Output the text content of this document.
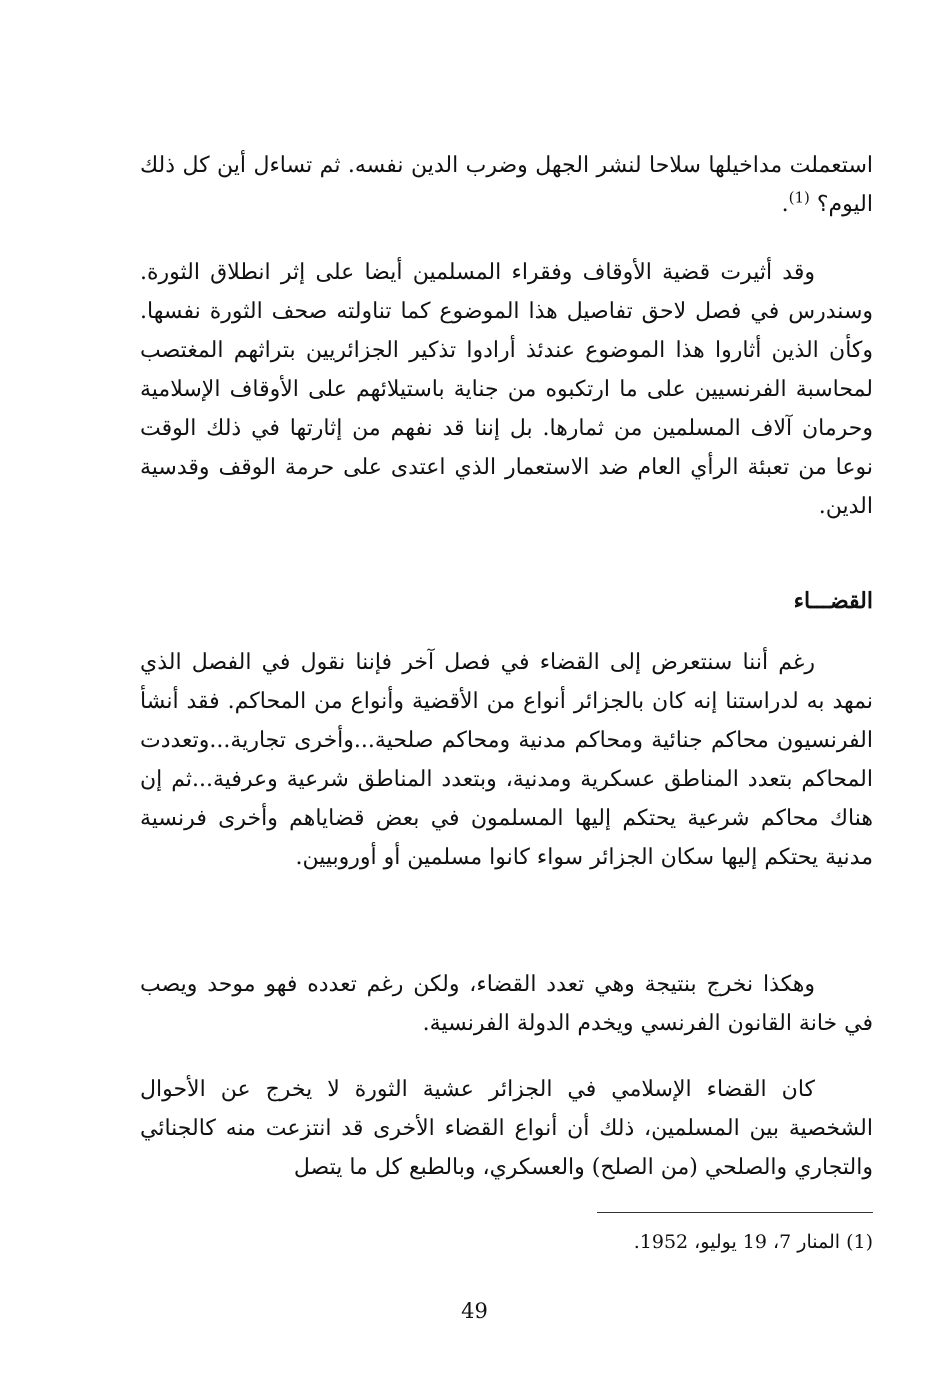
استعملت مداخيلها سلاحا لنشر الجهل وضرب الدين نفسه. ثم تساءل أين كل ذلك اليوم؟ $^{(1)}$.
وقد أثيرت قضية الأوقاف وفقراء المسلمين أيضا على إثر انطلاق الثورة. وسندرس في فصل لاحق تفاصيل هذا الموضوع كما تناولته صحف الثورة نفسها. وكأن الذين أثاروا هذا الموضوع عندئذ أرادوا تذكير الجزائريين بتراثهم المغتصب لمحاسبة الفرنسيين على ما ارتكبوه من جناية باستيلائهم على الأوقاف الإسلامية وحرمان آلاف المسلمين من ثمارها. بل إننا قد نفهم من إثارتها في ذلك الوقت نوعا من تعبئة الرأي العام ضد الاستعمار الذي اعتدى على حرمة الوقف وقدسية الدين.
القضـــاء
رغم أننا سنتعرض إلى القضاء في فصل آخر فإننا نقول في الفصل الذي نمهد به لدراستنا إنه كان بالجزائر أنواع من الأقضية وأنواع من المحاكم. فقد أنشأ الفرنسيون محاكم جنائية ومحاكم مدنية ومحاكم صلحية...وأخرى تجارية...وتعددت المحاكم بتعدد المناطق عسكرية ومدنية، وبتعدد المناطق شرعية وعرفية...ثم إن هناك محاكم شرعية يحتكم إليها المسلمون في بعض قضاياهم وأخرى فرنسية مدنية يحتكم إليها سكان الجزائر سواء كانوا مسلمين أو أوروبيين.
وهكذا نخرج بنتيجة وهي تعدد القضاء، ولكن رغم تعدده فهو موحد ويصب في خانة القانون الفرنسي ويخدم الدولة الفرنسية.
كان القضاء الإسلامي في الجزائر عشية الثورة لا يخرج عن الأحوال الشخصية بين المسلمين، ذلك أن أنواع القضاء الأخرى قد انتزعت منه كالجنائي والتجاري والصلحي (من الصلح) والعسكري، وبالطبع كل ما يتصل
(1) المنار 7، 19 يوليو، 1952.
49
